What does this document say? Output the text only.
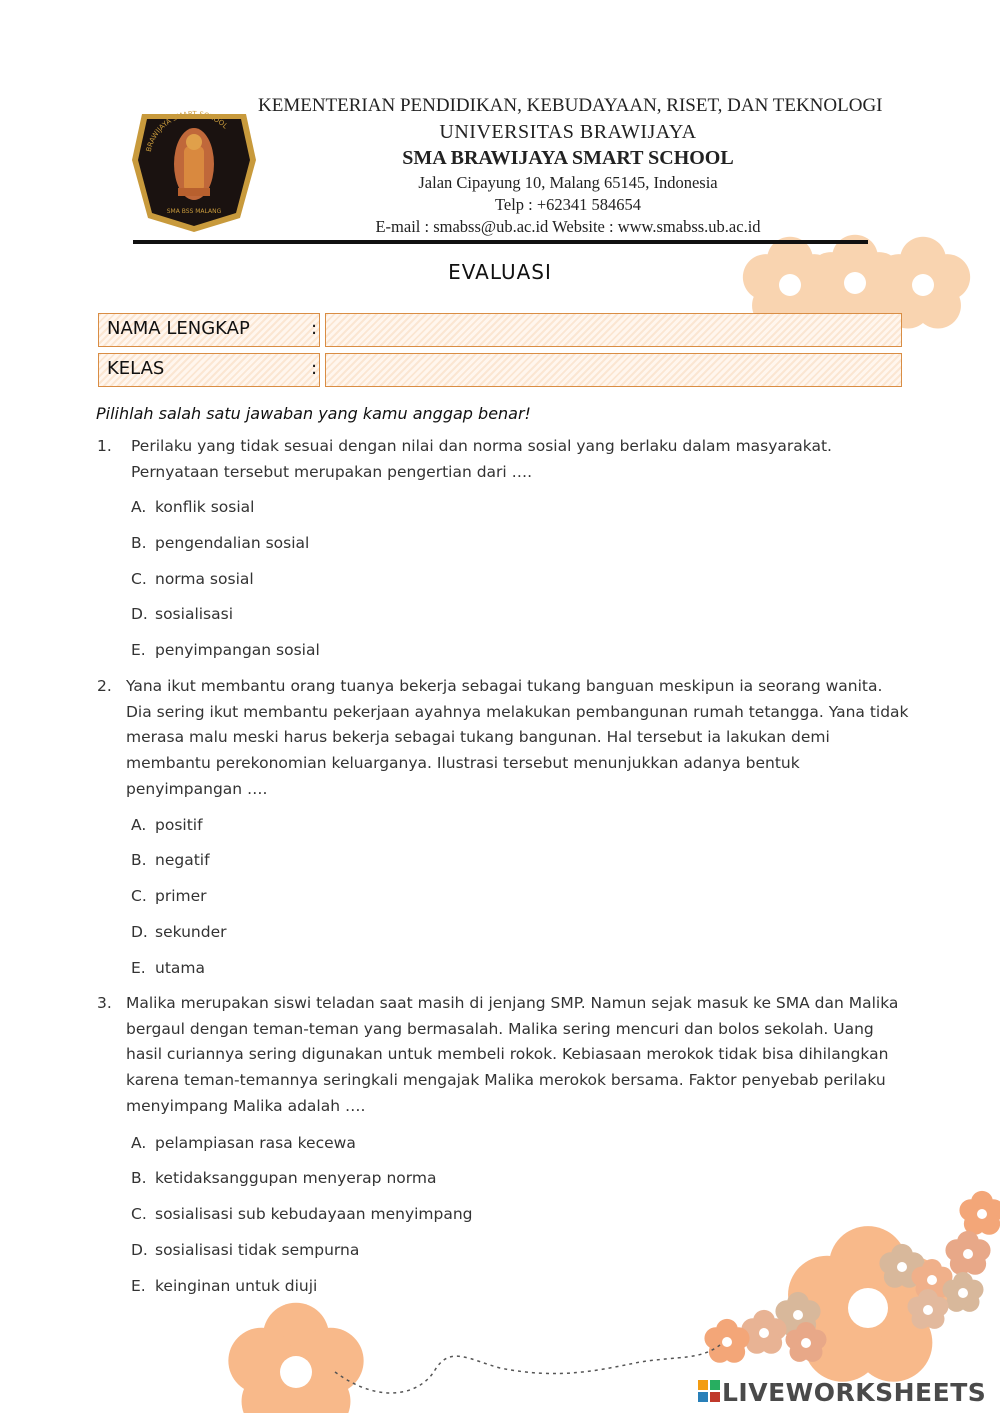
BRAWIJAYA SMART SCHOOL
SMA BSS MALANG
KEMENTERIAN PENDIDIKAN, KEBUDAYAAN, RISET, DAN TEKNOLOGI
UNIVERSITAS BRAWIJAYA
SMA BRAWIJAYA SMART SCHOOL
Jalan Cipayung 10, Malang 65145, Indonesia
Telp : +62341 584654
E-mail : smabss@ub.ac.id Website : www.smabss.ub.ac.id
EVALUASI
NAMA LENGKAP	:
KELAS	:
Pilihlah salah satu jawaban yang kamu anggap benar!
1. Perilaku yang tidak sesuai dengan nilai dan norma sosial yang berlaku dalam masyarakat. Pernyataan tersebut merupakan pengertian dari ….
A. konflik sosial
B. pengendalian sosial
C. norma sosial
D. sosialisasi
E. penyimpangan sosial
2. Yana ikut membantu orang tuanya bekerja sebagai tukang banguan meskipun ia seorang wanita. Dia sering ikut membantu pekerjaan ayahnya melakukan pembangunan rumah tetangga. Yana tidak merasa malu meski harus bekerja sebagai tukang bangunan. Hal tersebut ia lakukan demi membantu perekonomian keluarganya. Ilustrasi tersebut menunjukkan adanya bentuk penyimpangan ….
A. positif
B. negatif
C. primer
D. sekunder
E. utama
3. Malika merupakan siswi teladan saat masih di jenjang SMP. Namun sejak masuk ke SMA dan Malika bergaul dengan teman-teman yang bermasalah. Malika sering mencuri dan bolos sekolah. Uang hasil curiannya sering digunakan untuk membeli rokok. Kebiasaan merokok tidak bisa dihilangkan karena teman-temannya seringkali mengajak Malika merokok bersama. Faktor penyebab perilaku menyimpang Malika adalah ….
A. pelampiasan rasa kecewa
B. ketidaksanggupan menyerap norma
C. sosialisasi sub kebudayaan menyimpang
D. sosialisasi tidak sempurna
E. keinginan untuk diuji
LIVEWORKSHEETS
